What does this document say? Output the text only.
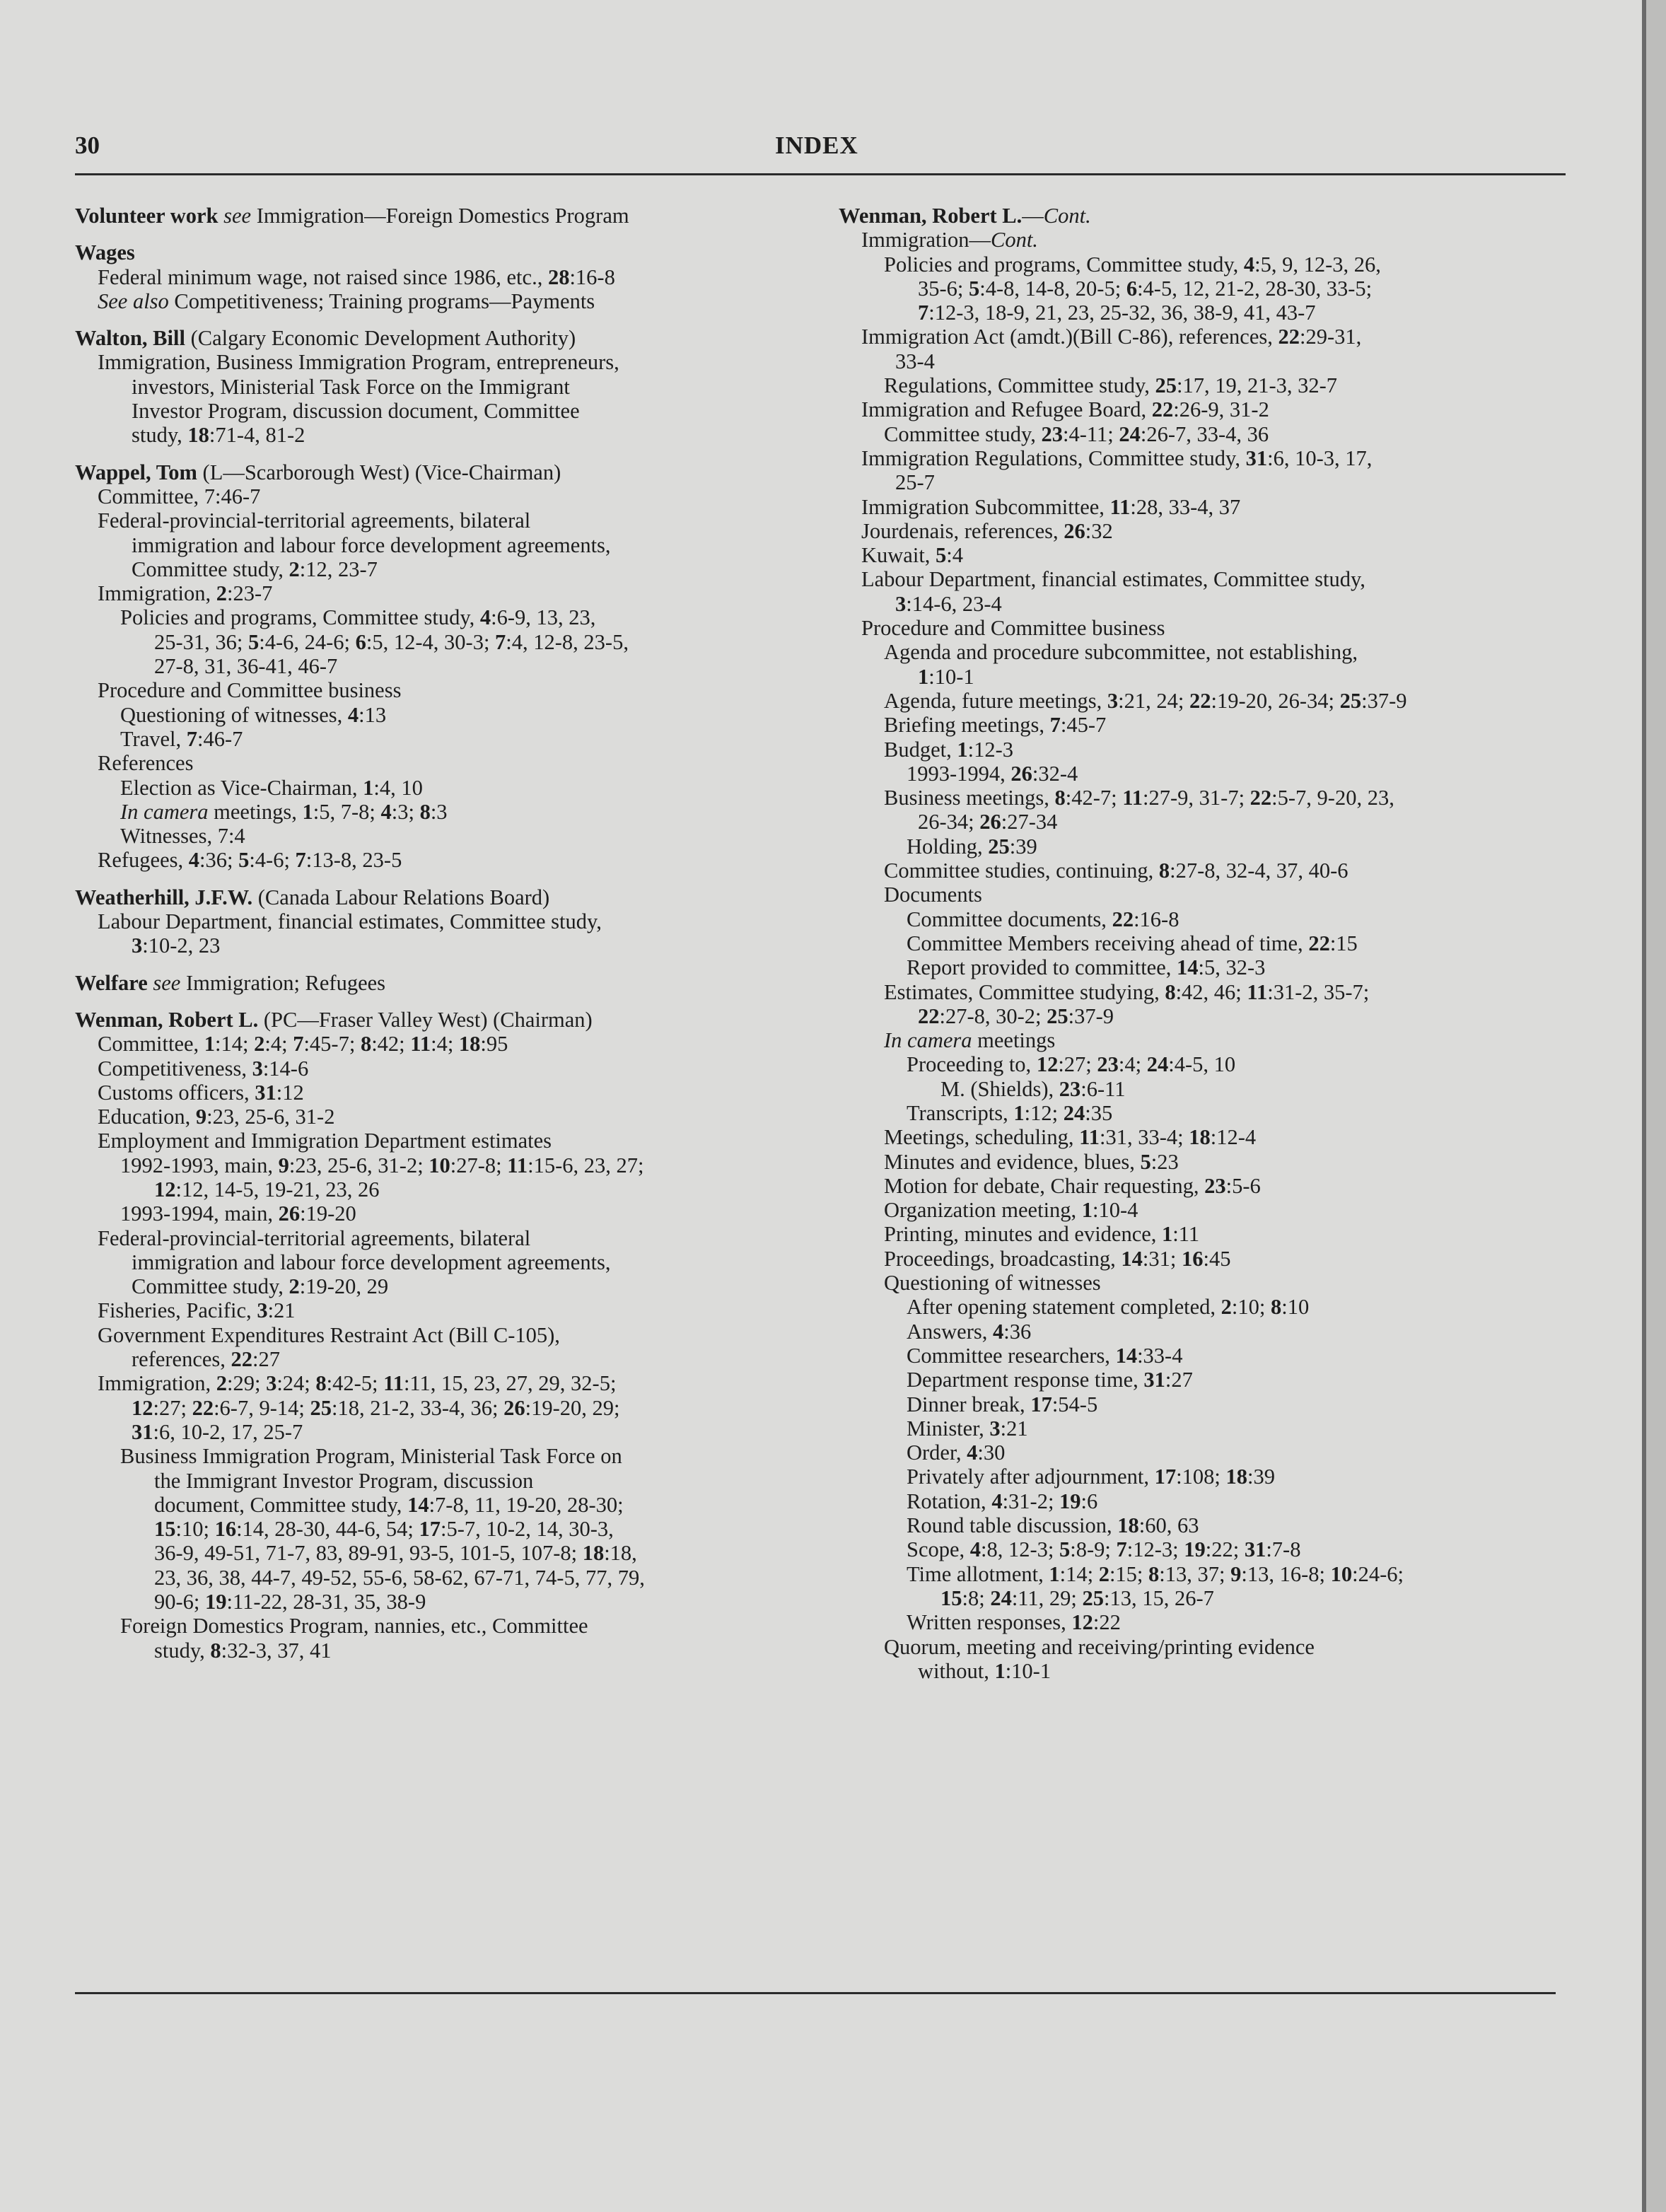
30	INDEX
Volunteer work see Immigration—Foreign Domestics Program
Wages
Federal minimum wage, not raised since 1986, etc., 28:16-8
See also Competitiveness; Training programs—Payments
Walton, Bill (Calgary Economic Development Authority)
Immigration, Business Immigration Program, entrepreneurs,
investors, Ministerial Task Force on the Immigrant
Investor Program, discussion document, Committee
study, 18:71-4, 81-2
Wappel, Tom (L—Scarborough West) (Vice-Chairman)
Committee, 7:46-7
Federal-provincial-territorial agreements, bilateral
immigration and labour force development agreements,
Committee study, 2:12, 23-7
Immigration, 2:23-7
Policies and programs, Committee study, 4:6-9, 13, 23,
25-31, 36; 5:4-6, 24-6; 6:5, 12-4, 30-3; 7:4, 12-8, 23-5,
27-8, 31, 36-41, 46-7
Procedure and Committee business
Questioning of witnesses, 4:13
Travel, 7:46-7
References
Election as Vice-Chairman, 1:4, 10
In camera meetings, 1:5, 7-8; 4:3; 8:3
Witnesses, 7:4
Refugees, 4:36; 5:4-6; 7:13-8, 23-5
Weatherhill, J.F.W. (Canada Labour Relations Board)
Labour Department, financial estimates, Committee study,
3:10-2, 23
Welfare see Immigration; Refugees
Wenman, Robert L. (PC—Fraser Valley West) (Chairman)
Committee, 1:14; 2:4; 7:45-7; 8:42; 11:4; 18:95
Competitiveness, 3:14-6
Customs officers, 31:12
Education, 9:23, 25-6, 31-2
Employment and Immigration Department estimates
1992-1993, main, 9:23, 25-6, 31-2; 10:27-8; 11:15-6, 23, 27;
12:12, 14-5, 19-21, 23, 26
1993-1994, main, 26:19-20
Federal-provincial-territorial agreements, bilateral
immigration and labour force development agreements,
Committee study, 2:19-20, 29
Fisheries, Pacific, 3:21
Government Expenditures Restraint Act (Bill C-105),
references, 22:27
Immigration, 2:29; 3:24; 8:42-5; 11:11, 15, 23, 27, 29, 32-5;
12:27; 22:6-7, 9-14; 25:18, 21-2, 33-4, 36; 26:19-20, 29;
31:6, 10-2, 17, 25-7
Business Immigration Program, Ministerial Task Force on
the Immigrant Investor Program, discussion
document, Committee study, 14:7-8, 11, 19-20, 28-30;
15:10; 16:14, 28-30, 44-6, 54; 17:5-7, 10-2, 14, 30-3,
36-9, 49-51, 71-7, 83, 89-91, 93-5, 101-5, 107-8; 18:18,
23, 36, 38, 44-7, 49-52, 55-6, 58-62, 67-71, 74-5, 77, 79,
90-6; 19:11-22, 28-31, 35, 38-9
Foreign Domestics Program, nannies, etc., Committee
study, 8:32-3, 37, 41
Wenman, Robert L.—Cont.
Immigration—Cont.
Policies and programs, Committee study, 4:5, 9, 12-3, 26,
35-6; 5:4-8, 14-8, 20-5; 6:4-5, 12, 21-2, 28-30, 33-5;
7:12-3, 18-9, 21, 23, 25-32, 36, 38-9, 41, 43-7
Immigration Act (amdt.)(Bill C-86), references, 22:29-31,
33-4
Regulations, Committee study, 25:17, 19, 21-3, 32-7
Immigration and Refugee Board, 22:26-9, 31-2
Committee study, 23:4-11; 24:26-7, 33-4, 36
Immigration Regulations, Committee study, 31:6, 10-3, 17,
25-7
Immigration Subcommittee, 11:28, 33-4, 37
Jourdenais, references, 26:32
Kuwait, 5:4
Labour Department, financial estimates, Committee study,
3:14-6, 23-4
Procedure and Committee business
Agenda and procedure subcommittee, not establishing,
1:10-1
Agenda, future meetings, 3:21, 24; 22:19-20, 26-34; 25:37-9
Briefing meetings, 7:45-7
Budget, 1:12-3
1993-1994, 26:32-4
Business meetings, 8:42-7; 11:27-9, 31-7; 22:5-7, 9-20, 23,
26-34; 26:27-34
Holding, 25:39
Committee studies, continuing, 8:27-8, 32-4, 37, 40-6
Documents
Committee documents, 22:16-8
Committee Members receiving ahead of time, 22:15
Report provided to committee, 14:5, 32-3
Estimates, Committee studying, 8:42, 46; 11:31-2, 35-7;
22:27-8, 30-2; 25:37-9
In camera meetings
Proceeding to, 12:27; 23:4; 24:4-5, 10
M. (Shields), 23:6-11
Transcripts, 1:12; 24:35
Meetings, scheduling, 11:31, 33-4; 18:12-4
Minutes and evidence, blues, 5:23
Motion for debate, Chair requesting, 23:5-6
Organization meeting, 1:10-4
Printing, minutes and evidence, 1:11
Proceedings, broadcasting, 14:31; 16:45
Questioning of witnesses
After opening statement completed, 2:10; 8:10
Answers, 4:36
Committee researchers, 14:33-4
Department response time, 31:27
Dinner break, 17:54-5
Minister, 3:21
Order, 4:30
Privately after adjournment, 17:108; 18:39
Rotation, 4:31-2; 19:6
Round table discussion, 18:60, 63
Scope, 4:8, 12-3; 5:8-9; 7:12-3; 19:22; 31:7-8
Time allotment, 1:14; 2:15; 8:13, 37; 9:13, 16-8; 10:24-6;
15:8; 24:11, 29; 25:13, 15, 26-7
Written responses, 12:22
Quorum, meeting and receiving/printing evidence
without, 1:10-1
